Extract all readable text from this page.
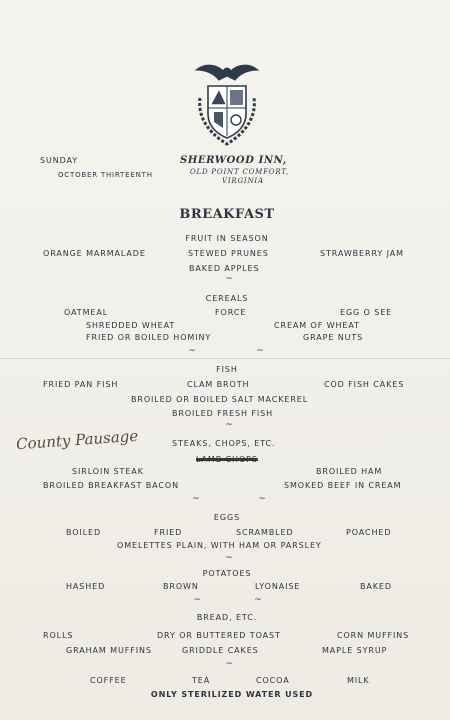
SUNDAY
OCTOBER THIRTEENTH
SHERWOOD INN,
OLD POINT COMFORT,
VIRGINIA
BREAKFAST
FRUIT IN SEASON
ORANGE MARMALADE	STEWED PRUNES	STRAWBERRY JAM
BAKED APPLES
~
CEREALS
OATMEAL	FORCE	EGG O SEE
SHREDDED WHEAT	CREAM OF WHEAT
FRIED OR BOILED HOMINY	GRAPE NUTS
~	~
FISH
FRIED PAN FISH	CLAM BROTH	COD FISH CAKES
BROILED OR BOILED SALT MACKEREL
BROILED FRESH FISH
~
County Pausage	STEAKS, CHOPS, ETC.
LAMB CHOPS
SIRLOIN STEAK	BROILED HAM
BROILED BREAKFAST BACON	SMOKED BEEF IN CREAM
~	~
EGGS
BOILED	FRIED	SCRAMBLED	POACHED
OMELETTES PLAIN, WITH HAM OR PARSLEY
~
POTATOES
HASHED	BROWN	LYONAISE	BAKED
~	~
BREAD, ETC.
ROLLS	DRY OR BUTTERED TOAST	CORN MUFFINS
GRAHAM MUFFINS	GRIDDLE CAKES	MAPLE SYRUP
~
COFFEE	TEA	COCOA	MILK
ONLY STERILIZED WATER USED
